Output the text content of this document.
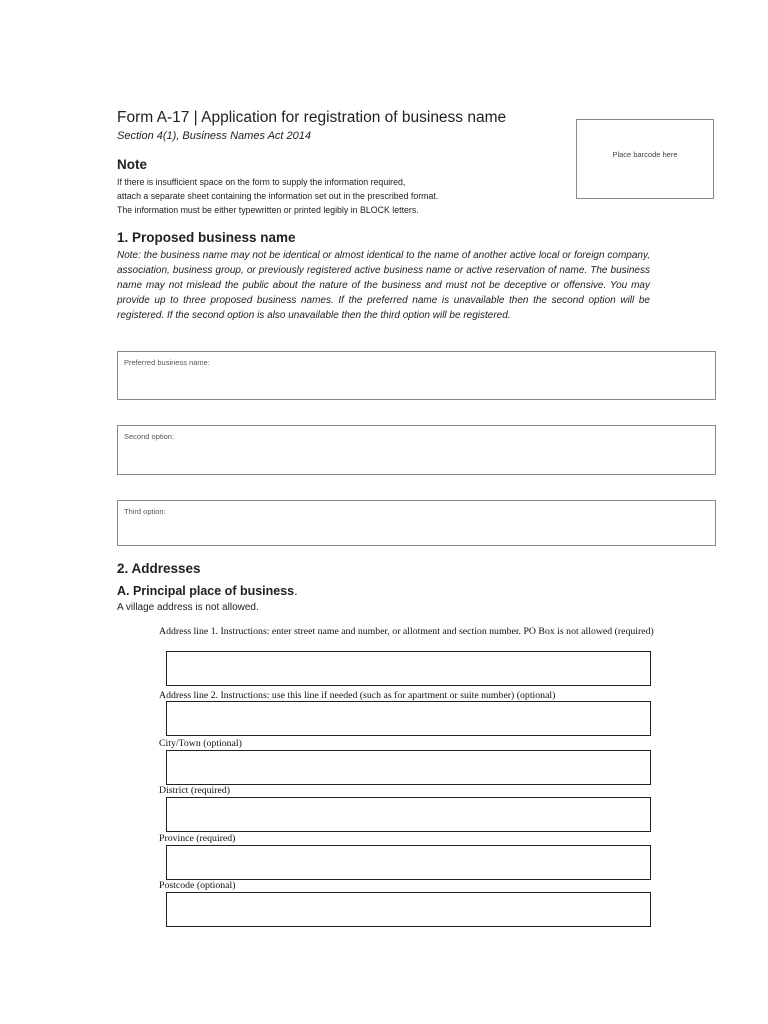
Form A-17 | Application for registration of business name
Section 4(1), Business Names Act 2014
Note
If there is insufficient space on the form to supply the information required,
attach a separate sheet containing the information set out in the prescribed format.
The information must be either typewritten or printed legibly in BLOCK letters.
Place barcode here
1. Proposed business name
Note: the business name may not be identical or almost identical to the name of another active local or foreign company, association, business group, or previously registered active business name or active reservation of name. The business name may not mislead the public about the nature of the business and must not be deceptive or offensive. You may provide up to three proposed business names. If the preferred name is unavailable then the second option will be registered. If the second option is also unavailable then the third option will be registered.
Preferred business name:
Second option:
Third option:
2. Addresses
A. Principal place of business.
A village address is not allowed.
Address line 1. Instructions: enter street name and number, or allotment and section number. PO Box is not allowed (required)
Address line 2. Instructions: use this line if needed (such as for apartment or suite number) (optional)
City/Town (optional)
District (required)
Province (required)
Postcode (optional)
